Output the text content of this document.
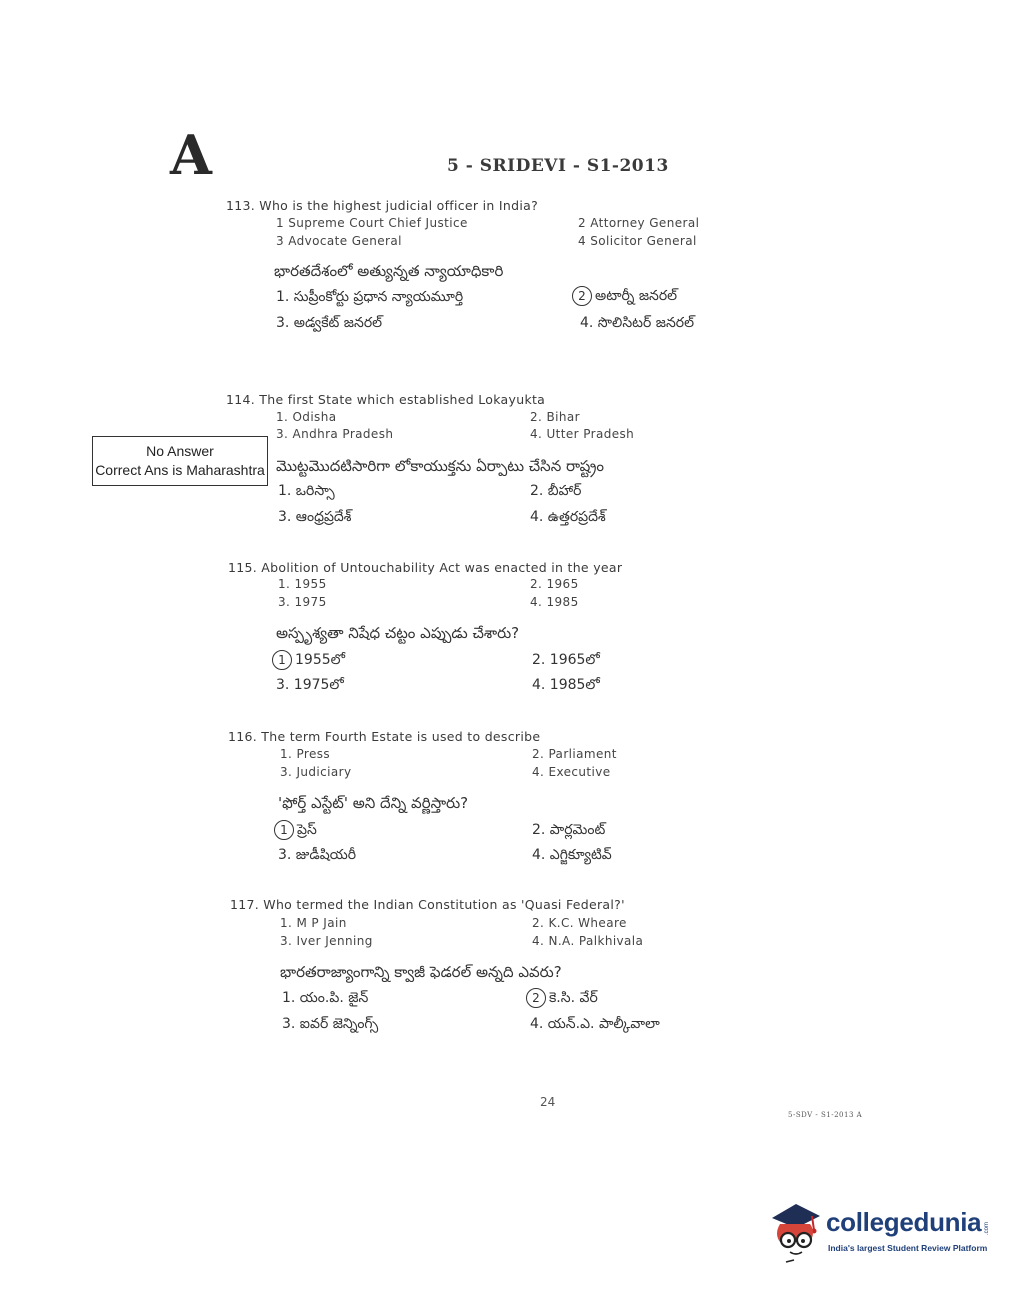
A	5 - SRIDEVI - S1-2013
113. Who is the highest judicial officer in India?
1 Supreme Court Chief Justice	2 Attorney General
3 Advocate General	4 Solicitor General
భారతదేశంలో అత్యున్నత న్యాయాధికారి
1. సుప్రీంకోర్టు ప్రధాన న్యాయమూర్తి	2 అటార్నీ జనరల్
3. అడ్వకేట్ జనరల్	4. సొలిసిటర్ జనరల్
114. The first State which established Lokayukta
1. Odisha	2. Bihar
3. Andhra Pradesh	4. Utter Pradesh
No Answer
Correct Ans is Maharashtra మొట్టమొదటిసారిగా లోకాయుక్తను ఏర్పాటు చేసిన రాష్ట్రం
1. ఒరిస్సా	2. బీహార్
3. ఆంధ్రప్రదేశ్	4. ఉత్తరప్రదేశ్
115. Abolition of Untouchability Act was enacted in the year
1. 1955	2. 1965
3. 1975	4. 1985
అస్పృశ్యతా నిషేధ చట్టం ఎప్పుడు చేశారు?
1 1955లో	2. 1965లో
3. 1975లో	4. 1985లో
116. The term Fourth Estate is used to describe
1. Press	2. Parliament
3. Judiciary	4. Executive
'ఫోర్త్ ఎస్టేట్' అని దేన్ని వర్ణిస్తారు?
1 ప్రెస్	2. పార్లమెంట్
3. జుడీషియరీ	4. ఎగ్జిక్యూటివ్
117. Who termed the Indian Constitution as 'Quasi Federal?'
1. M P Jain	2. K.C. Wheare
3. Iver Jenning	4. N.A. Palkhivala
భారతరాజ్యాంగాన్ని క్వాజీ ఫెడరల్ అన్నది ఎవరు?
1. యం.పి. జైన్	2 కె.సి. వేర్
3. ఐవర్ జెన్నింగ్స్	4. యన్.ఎ. పాల్కీవాలా
24
5-SDV - S1-2013 A
collegedunia .com
India's largest Student Review Platform
